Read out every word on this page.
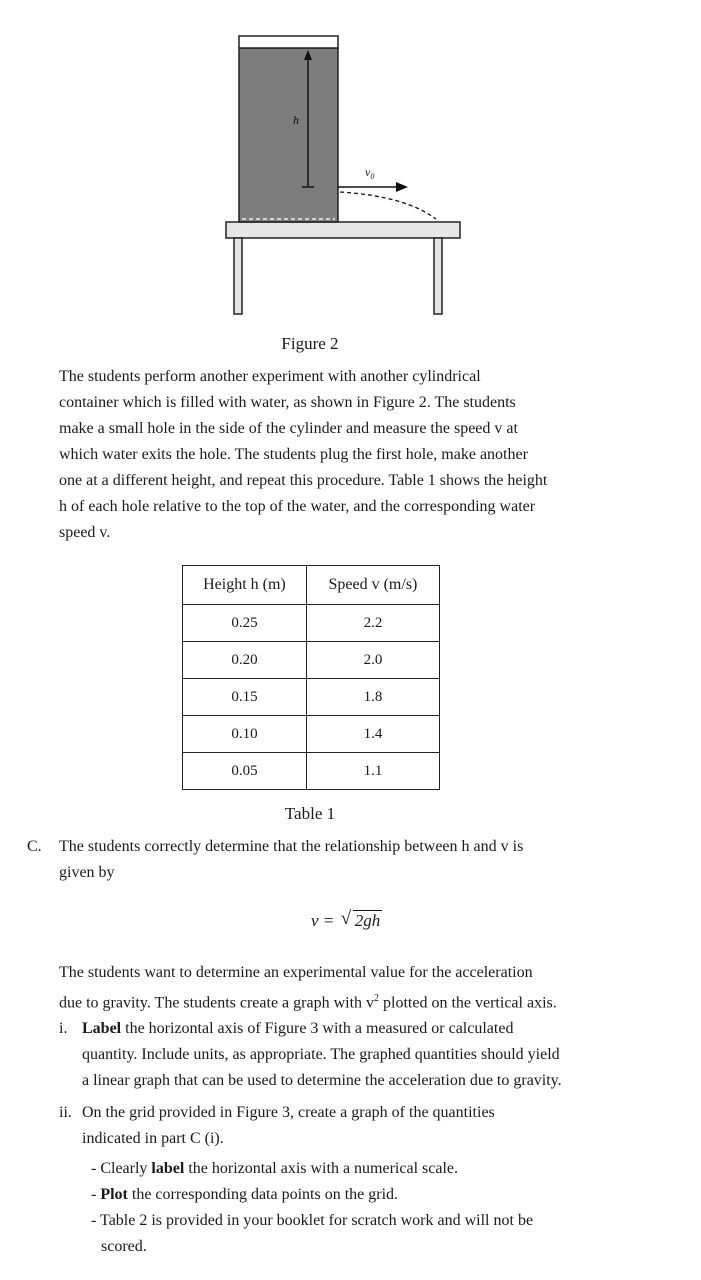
h
$v_0$
Figure 2

The students perform another experiment with another cylindrical

container which is filled with water, as shown in Figure 2. The students

make a small hole in the side of the cylinder and measure the speed v at

which water exits the hole. The students plug the first hole, make another

one at a different height, and repeat this procedure. Table 1 shows the height

h of each hole relative to the top of the water, and the corresponding water

speed v.

Height h (m)	Speed v (m/s)
0.25	2.2
0.20	2.0
0.15	1.8
0.10	1.4
0.05	1.1
Table 1
C. The students correctly determine that the relationship between h and v is

given by

v = √ 2gh

The students want to determine an experimental value for the acceleration

due to gravity. The students create a graph with $v^2$ plotted on the vertical axis.

i. Label the horizontal axis of Figure 3 with a measured or calculated

quantity. Include units, as appropriate. The graphed quantities should yield

a linear graph that can be used to determine the acceleration due to gravity.

ii. On the grid provided in Figure 3, create a graph of the quantities

indicated in part C (i).

- Clearly label the horizontal axis with a numerical scale.

- Plot the corresponding data points on the grid.

- Table 2 is provided in your booklet for scratch work and will not be

scored.
